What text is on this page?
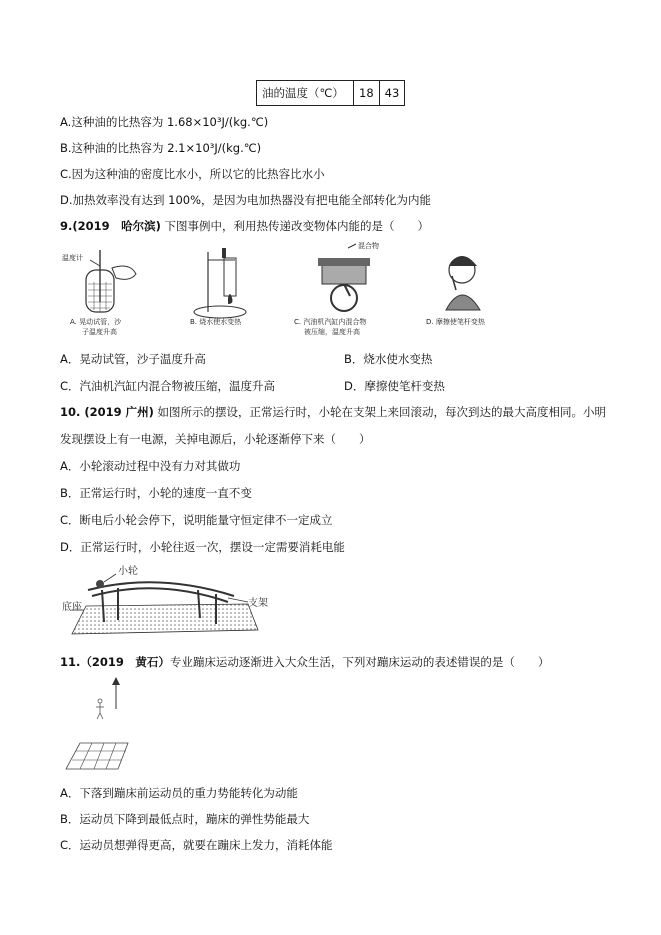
油的温度（℃）	18	43
A.这种油的比热容为 1.68×10³J/(kg.℃)
B.这种油的比热容为 2.1×10³J/(kg.℃)
C.因为这种油的密度比水小，所以它的比热容比水小
D.加热效率没有达到 100%，是因为电加热器没有把电能全部转化为内能
9.(2019　哈尔滨) 下图事例中，利用热传递改变物体内能的是（　　）
温度计
A. 晃动试管，沙
子温度升高
B. 烧水使水变热
混合物
C. 汽油机汽缸内混合物
被压缩，温度升高
D. 摩擦使笔杆变热
A．晃动试管，沙子温度升高	B．烧水使水变热
C．汽油机汽缸内混合物被压缩，温度升高	D．摩擦使笔杆变热
10. (2019 广州) 如图所示的摆设，正常运行时，小轮在支架上来回滚动，每次到达的最大高度相同。小明
发现摆设上有一电源，关掉电源后，小轮逐渐停下来（　　）
A．小轮滚动过程中没有力对其做功
B．正常运行时，小轮的速度一直不变
C．断电后小轮会停下，说明能量守恒定律不一定成立
D．正常运行时，小轮往返一次，摆设一定需要消耗电能
小轮
支架
底座
11.（2019　黄石）专业蹦床运动逐渐进入大众生活，下列对蹦床运动的表述错误的是（　　）
A．下落到蹦床前运动员的重力势能转化为动能
B．运动员下降到最低点时，蹦床的弹性势能最大
C．运动员想弹得更高，就要在蹦床上发力，消耗体能
